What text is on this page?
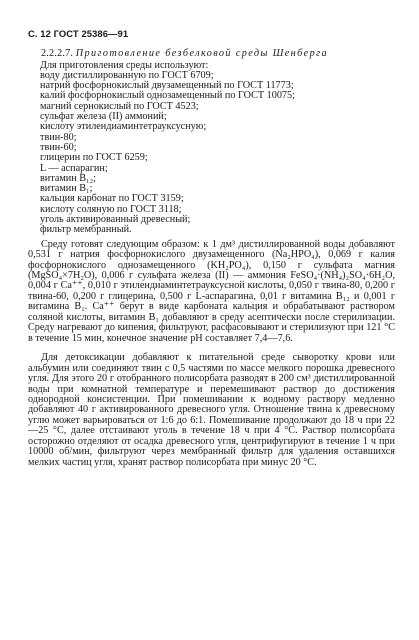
С. 12 ГОСТ 25386—91

2.2.2.7. Приготовление безбелковой среды Шенберга

Для приготовления среды используют:
воду дистиллированную по ГОСТ 6709;
натрий фосфорнокислый двузамещенный по ГОСТ 11773;
калий фосфорнокислый однозамещенный по ГОСТ 10075;
магний сернокислый по ГОСТ 4523;
сульфат железа (II) аммоний;
кислоту этилендиаминтетрауксусную;
твин-80;
твин-60;
глицерин по ГОСТ 6259;
L — аспарагин;
витамин B₁₂;
витамин B₁;
кальция карбонат по ГОСТ 3159;
кислоту соляную по ГОСТ 3118;
уголь активированный древесный;
фильтр мембранный.

Среду готовят следующим образом: к 1 дм³ дистиллированной воды добавляют 0,531 г натрия фосфорнокислого двузамещенного (Na₂HPO₄), 0,069 г калия фосфорнокислого однозамещенного (KH₂PO₄), 0,150 г сульфата магния (MgSO₄×7H₂O), 0,006 г сульфата железа (II) — аммония FeSO₄·(NH₄)₂SO₄·6H₂O, 0,004 г Ca⁺⁺, 0,010 г этилендиаминтетрауксусной кислоты, 0,050 г твина-80, 0,200 г твина-60, 0,200 г глицерина, 0,500 г L-аспарагина, 0,01 г витамина B₁₂ и 0,001 г витамина B₁. Ca⁺⁺ берут в виде карбоната кальция и обрабатывают раствором соляной кислоты, витамин B₁ добавляют в среду асептически после стерилизации. Среду нагревают до кипения, фильтруют, расфасовывают и стерилизуют при 121 °С в течение 15 мин, конечное значение pH составляет 7,4—7,6.

Для детоксикации добавляют к питательной среде сыворотку крови или альбумин или соединяют твин с 0,5 частями по массе мелкого порошка древесного угля. Для этого 20 г отобранного полисорбата разводят в 200 см³ дистиллированной воды при комнатной температуре и перемешивают раствор до достижения однородной консистенции. При помешивании к водному раствору медленно добавляют 40 г активированного древесного угля. Отношение твина к древесному углю может варьироваться от 1:6 до 6:1. Помешивание продолжают до 18 ч при 22—25 °С, далее отстаивают уголь в течение 18 ч при 4 °С. Раствор полисорбата осторожно отделяют от осадка древесного угля, центрифугируют в течение 1 ч при 10000 об/мин, фильтруют через мембранный фильтр для удаления оставшихся мелких частиц угля, хранят раствор полисорбата при минус 20 °С.
